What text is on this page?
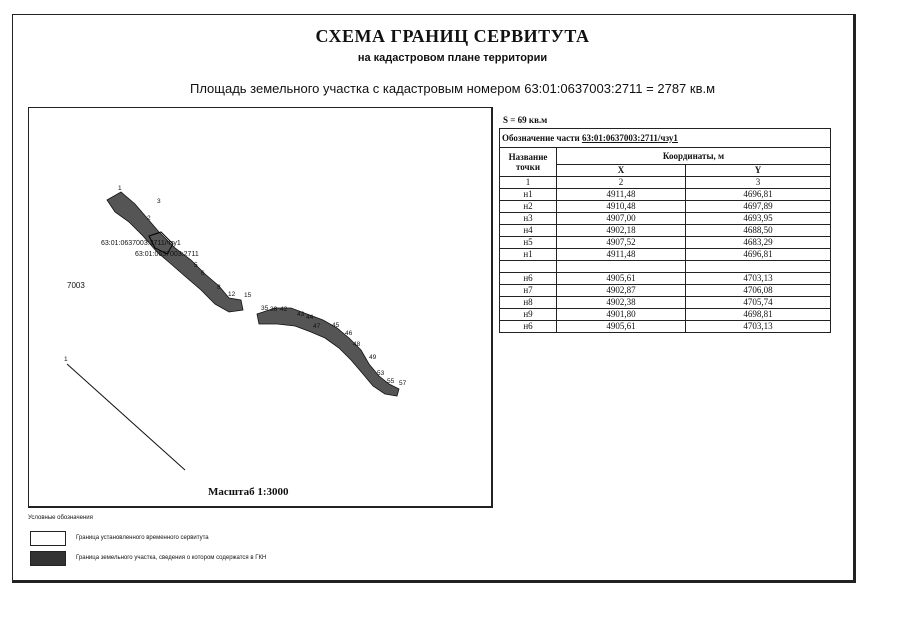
СХЕМА ГРАНИЦ СЕРВИТУТА
на кадастровом плане территории
Площадь земельного участка с кадастровым номером 63:01:0637003:2711 = 2787 кв.м
7003
63:01:0637003:2711/чзу1
63:01:0637003:2711
1
2
3
5
6
8
12 15
35 38 42
43 44
47 45
46
48
49
53
55 57
1
Масштаб 1:3000
S = 69 кв.м
Обозначение части 63:01:0637003:2711/чзу1		
Название точки	Координаты, м	
	X	Y
1	2	3
н1	4911,48	4696,81
н2	4910,48	4697,89
н3	4907,00	4693,95
н4	4902,18	4688,50
н5	4907,52	4683,29
н1	4911,48	4696,81

н6	4905,61	4703,13
н7	4902,87	4706,08
н8	4902,38	4705,74
н9	4901,80	4698,81
н6	4905,61	4703,13
Условные обозначения
Граница установленного временного сервитута
Граница земельного участка, сведения о котором содержатся в ГКН
